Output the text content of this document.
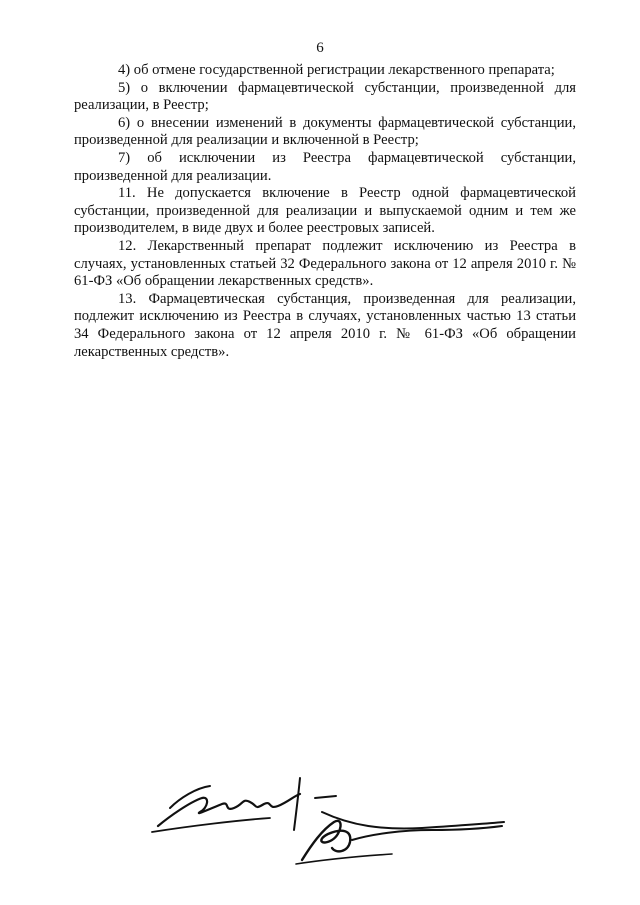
6

4) об отмене государственной регистрации лекарственного препарата;

5) о включении фармацевтической субстанции, произведенной для реализации, в Реестр;

6) о внесении изменений в документы фармацевтической субстанции, произведенной для реализации и включенной в Реестр;

7) об исключении из Реестра фармацевтической субстанции, произведенной для реализации.

11. Не допускается включение в Реестр одной фармацевтической субстанции, произведенной для реализации и выпускаемой одним и тем же производителем, в виде двух и более реестровых записей.

12. Лекарственный препарат подлежит исключению из Реестра в случаях, установленных статьей 32 Федерального закона от 12 апреля 2010 г. № 61-ФЗ «Об обращении лекарственных средств».

13. Фармацевтическая субстанция, произведенная для реализации, подлежит исключению из Реестра в случаях, установленных частью 13 статьи 34 Федерального закона от 12 апреля 2010 г. № 61-ФЗ «Об обращении лекарственных средств».
